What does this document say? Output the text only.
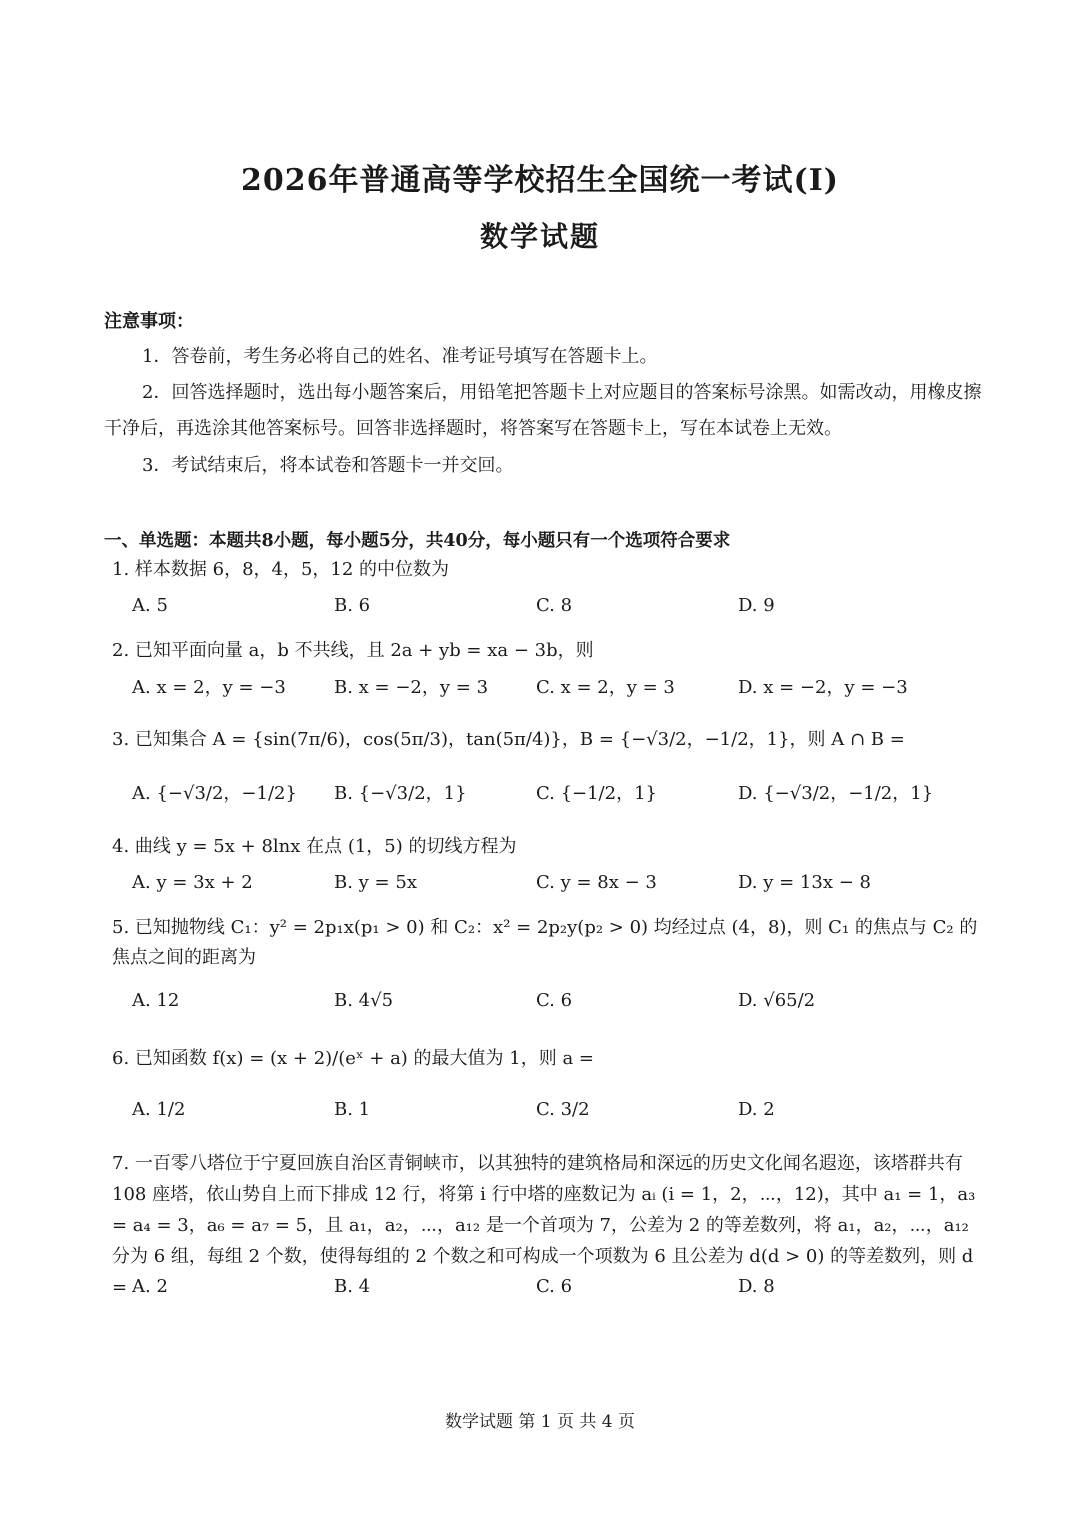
2026年普通高等学校招生全国统一考试(I)
数学试题
注意事项：
1．答卷前，考生务必将自己的姓名、准考证号填写在答题卡上。
2．回答选择题时，选出每小题答案后，用铅笔把答题卡上对应题目的答案标号涂黑。如需改动，用橡皮擦干净后，再选涂其他答案标号。回答非选择题时，将答案写在答题卡上，写在本试卷上无效。
3．考试结束后，将本试卷和答题卡一并交回。
一、单选题：本题共8小题，每小题5分，共40分，每小题只有一个选项符合要求
1. 样本数据 6，8，4，5，12 的中位数为
A. 5	B. 6	C. 8	D. 9
2. 已知平面向量 a，b 不共线，且 2a + yb = xa − 3b，则
A. x = 2，y = −3	B. x = −2，y = 3	C. x = 2，y = 3	D. x = −2，y = −3
3. 已知集合 A = {sin(7π/6)，cos(5π/3)，tan(5π/4)}，B = {−√3/2，−1/2，1}，则 A ∩ B =
A. {−√3/2，−1/2} B. {−√3/2，1}	C. {−1/2，1}	D. {−√3/2，−1/2，1}
4. 曲线 y = 5x + 8lnx 在点 (1，5) 的切线方程为
A. y = 3x + 2	B. y = 5x	C. y = 8x − 3	D. y = 13x − 8
5. 已知抛物线 C₁：y² = 2p₁x(p₁ > 0) 和 C₂：x² = 2p₂y(p₂ > 0) 均经过点 (4，8)，则 C₁ 的焦点与 C₂ 的焦点之间的距离为
A. 12	B. 4√5	C. 6	D. √65/2
6. 已知函数 f(x) = (x + 2)/(eˣ + a) 的最大值为 1，则 a =
A. 1/2	B. 1	C. 3/2	D. 2
7. 一百零八塔位于宁夏回族自治区青铜峡市，以其独特的建筑格局和深远的历史文化闻名遐迩，该塔群共有 108 座塔，依山势自上而下排成 12 行，将第 i 行中塔的座数记为 aᵢ (i = 1，2，⋯，12)，其中 a₁ = 1，a₃ = a₄ = 3，a₆ = a₇ = 5，且 a₁，a₂，⋯，a₁₂ 是一个首项为 7，公差为 2 的等差数列，将 a₁，a₂，⋯，a₁₂ 分为 6 组，每组 2 个数，使得每组的 2 个数之和可构成一个项数为 6 且公差为 d(d > 0) 的等差数列，则 d = A. 2	B. 4	C. 6	D. 8
数学试题 第 1 页 共 4 页
